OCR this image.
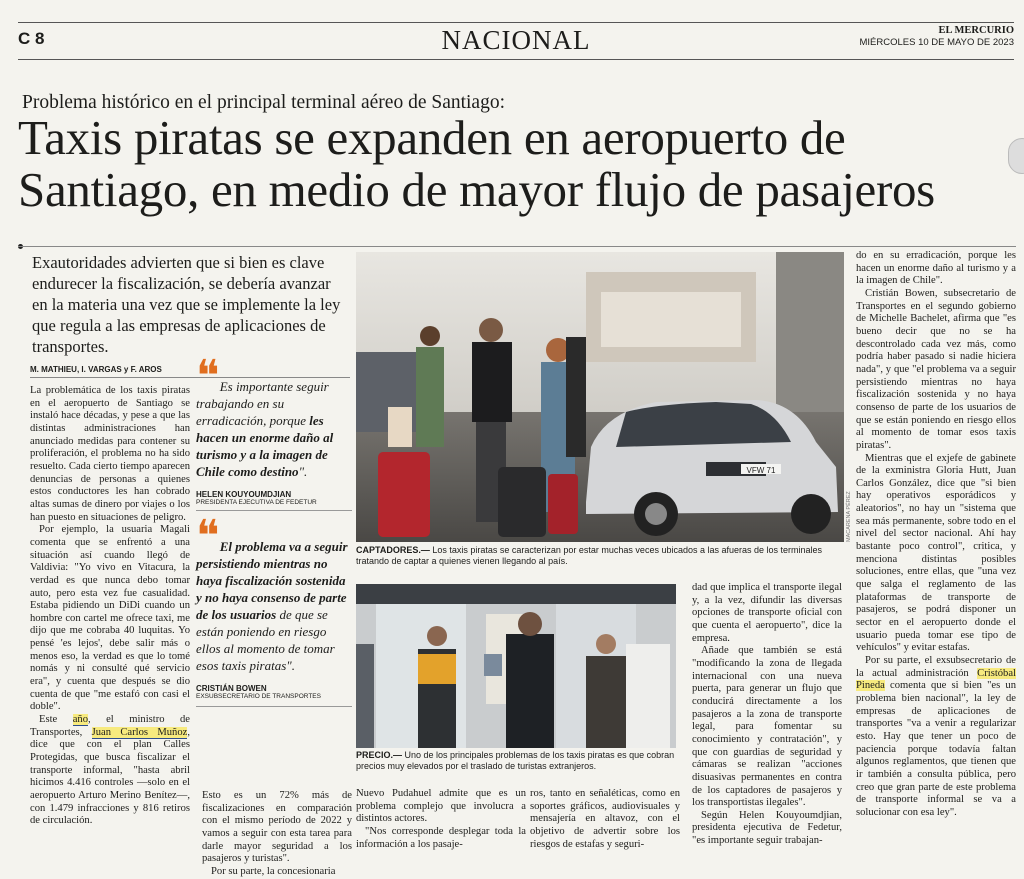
C 8	NACIONAL	EL MERCURIO
MIÉRCOLES 10 DE MAYO DE 2023
Problema histórico en el principal terminal aéreo de Santiago:
Taxis piratas se expanden en aeropuerto de
Santiago, en medio de mayor flujo de pasajeros
Exautoridades advierten que si bien es clave endurecer la fiscalización, se debería avanzar en la materia una vez que se implemente la ley que regula a las empresas de aplicaciones de transportes.
M. MATHIEU, I. VARGAS y F. AROS

La problemática de los taxis piratas en el aeropuerto de Santiago se instaló hace décadas, y pese a que las distintas administraciones han anunciado medidas para contener su proliferación, el problema no ha sido resuelto. Cada cierto tiempo aparecen denuncias de personas a quienes estos conductores les han cobrado altas sumas de dinero por viajes o los han puesto en situaciones de peligro.

Por ejemplo, la usuaria Magali comenta que se enfrentó a una situación así cuando llegó de Valdivia: "Yo vivo en Vitacura, la verdad es que nunca debo tomar auto, pero esta vez fue casualidad. Estaba pidiendo un DiDi cuando un hombre con cartel me ofrece taxi, me dijo que me cobraba 40 luquitas. Yo pensé 'es lejos', debe salir más o menos eso, la verdad es que lo tomé nomás y ni consulté qué servicio era", y cuenta que después se dio cuenta de que "me estafó con casi el doble".

Este año, el ministro de Transportes, Juan Carlos Muñoz, dice que con el plan Calles Protegidas, que busca fiscalizar el transporte informal, "hasta abril hicimos 4.416 controles —solo en el aeropuerto Arturo Merino Benítez—, con 1.479 infracciones y 816 retiros de circulación.

❝Es importante seguir trabajando en su erradicación, porque les hacen un enorme daño al turismo y a la imagen de Chile como destino".
HELEN KOUYOUMDJIAN
PRESIDENTA EJECUTIVA DE FEDETUR
❝El problema va a seguir persistiendo mientras no haya fiscalización sostenida y no haya consenso de parte de los usuarios de que se están poniendo en riesgo ellos al momento de tomar esos taxis piratas".
CRISTIÁN BOWEN
EXSUBSECRETARIO DE TRANSPORTES

Esto es un 72% más de fiscalizaciones en comparación con el mismo período de 2022 y vamos a seguir con esta tarea para darle mayor seguridad a los pasajeros y turistas".

Por su parte, la concesionaria

VFW 71
MACARENA PÉREZ
CAPTADORES.— Los taxis piratas se caracterizan por estar muchas veces ubicados a las afueras de los terminales tratando de captar a quienes vienen llegando al país.
PRECIO.— Uno de los principales problemas de los taxis piratas es que cobran precios muy elevados por el traslado de turistas extranjeros.

Nuevo Pudahuel admite que es un problema complejo que involucra a distintos actores.

"Nos corresponde desplegar toda la información a los pasaje-

ros, tanto en señaléticas, como en soportes gráficos, audiovisuales y mensajería en altavoz, con el objetivo de advertir sobre los riesgos de estafas y seguri-

dad que implica el transporte ilegal y, a la vez, difundir las diversas opciones de transporte oficial con que cuenta el aeropuerto", dice la empresa.

Añade que también se está "modificando la zona de llegada internacional con una nueva puerta, para generar un flujo que conducirá directamente a los pasajeros a la zona de transporte legal, para fomentar su conocimiento y contratación", y que con guardias de seguridad y cámaras se realizan "acciones disuasivas permanentes en contra de los captadores de pasajeros y los transportistas ilegales".

Según Helen Kouyoumdjian, presidenta ejecutiva de Fedetur, "es importante seguir trabajan-

do en su erradicación, porque les hacen un enorme daño al turismo y a la imagen de Chile".

Cristián Bowen, subsecretario de Transportes en el segundo gobierno de Michelle Bachelet, afirma que "es bueno decir que no se ha descontrolado cada vez más, como podría haber pasado si nadie hiciera nada", y que "el problema va a seguir persistiendo mientras no haya fiscalización sostenida y no haya consenso de parte de los usuarios de que se están poniendo en riesgo ellos al momento de tomar esos taxis piratas".

Mientras que el exjefe de gabinete de la exministra Gloria Hutt, Juan Carlos González, dice que "si bien hay operativos esporádicos y aleatorios", no hay un "sistema que sea más permanente, sobre todo en el nivel del sector nacional. Ahí hay bastante poco control", critica, y menciona distintas posibles soluciones, entre ellas, que "una vez que salga el reglamento de las plataformas de transporte de pasajeros, se podrá disponer un sector en el aeropuerto donde el usuario pueda tomar ese tipo de vehículos" y evitar estafas.

Por su parte, el exsubsecretario de la actual administración Cristóbal Pineda comenta que si bien "es un problema bien nacional", la ley de empresas de aplicaciones de transportes "va a venir a regularizar esto. Hay que tener un poco de paciencia porque todavía faltan algunos reglamentos, que tienen que ir también a consulta pública, pero creo que gran parte de este problema de transporte informal se va a solucionar con esa ley".
